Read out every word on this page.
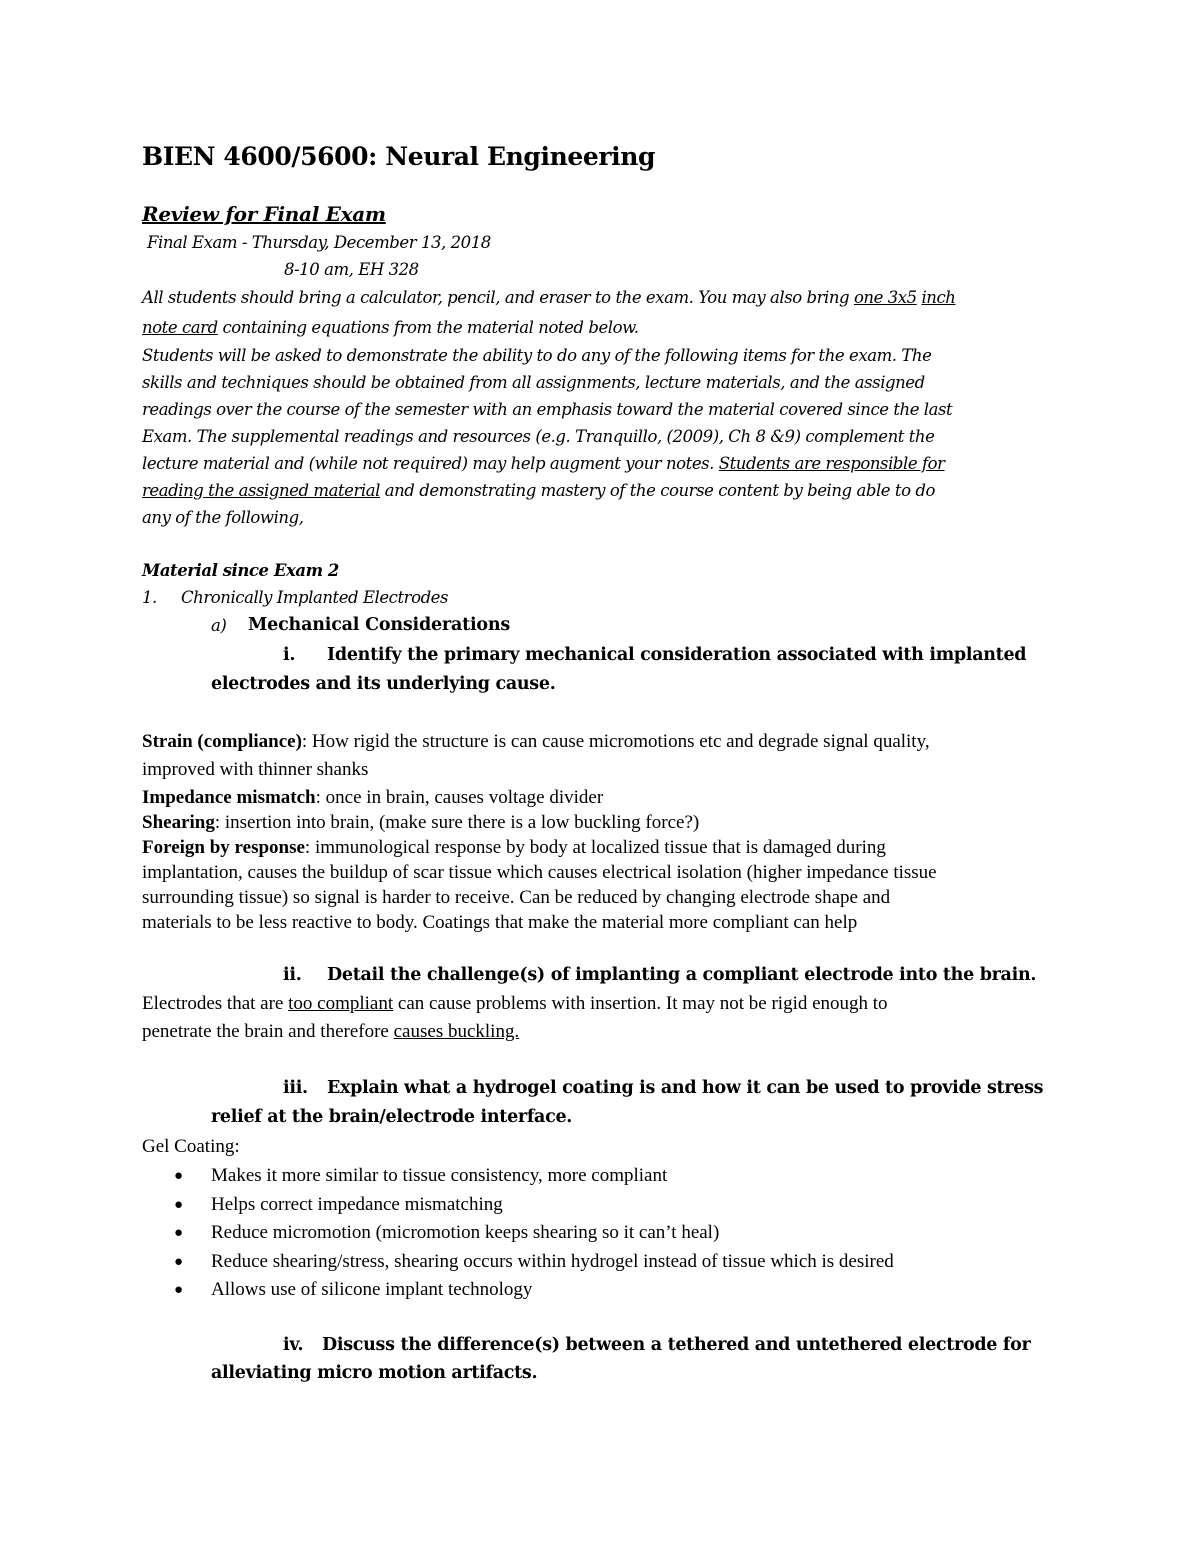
BIEN 4600/5600: Neural Engineering
Review for Final Exam
Final Exam - Thursday, December 13, 2018
8-10 am, EH 328
All students should bring a calculator, pencil, and eraser to the exam. You may also bring one 3x5 inch
note card containing equations from the material noted below.
Students will be asked to demonstrate the ability to do any of the following items for the exam. The
skills and techniques should be obtained from all assignments, lecture materials, and the assigned
readings over the course of the semester with an emphasis toward the material covered since the last
Exam. The supplemental readings and resources (e.g. Tranquillo, (2009), Ch 8 &9) complement the
lecture material and (while not required) may help augment your notes. Students are responsible for
reading the assigned material and demonstrating mastery of the course content by being able to do
any of the following,
Material since Exam 2
1. Chronically Implanted Electrodes
a) Mechanical Considerations
i. Identify the primary mechanical consideration associated with implanted
electrodes and its underlying cause.
Strain (compliance): How rigid the structure is can cause micromotions etc and degrade signal quality,
improved with thinner shanks
Impedance mismatch: once in brain, causes voltage divider
Shearing: insertion into brain, (make sure there is a low buckling force?)
Foreign by response: immunological response by body at localized tissue that is damaged during
implantation, causes the buildup of scar tissue which causes electrical isolation (higher impedance tissue
surrounding tissue) so signal is harder to receive. Can be reduced by changing electrode shape and
materials to be less reactive to body. Coatings that make the material more compliant can help
ii. Detail the challenge(s) of implanting a compliant electrode into the brain.
Electrodes that are too compliant can cause problems with insertion. It may not be rigid enough to
penetrate the brain and therefore causes buckling.
iii. Explain what a hydrogel coating is and how it can be used to provide stress
relief at the brain/electrode interface.
Gel Coating:
● Makes it more similar to tissue consistency, more compliant
● Helps correct impedance mismatching
● Reduce micromotion (micromotion keeps shearing so it can’t heal)
● Reduce shearing/stress, shearing occurs within hydrogel instead of tissue which is desired
● Allows use of silicone implant technology
iv. Discuss the difference(s) between a tethered and untethered electrode for
alleviating micro motion artifacts.
